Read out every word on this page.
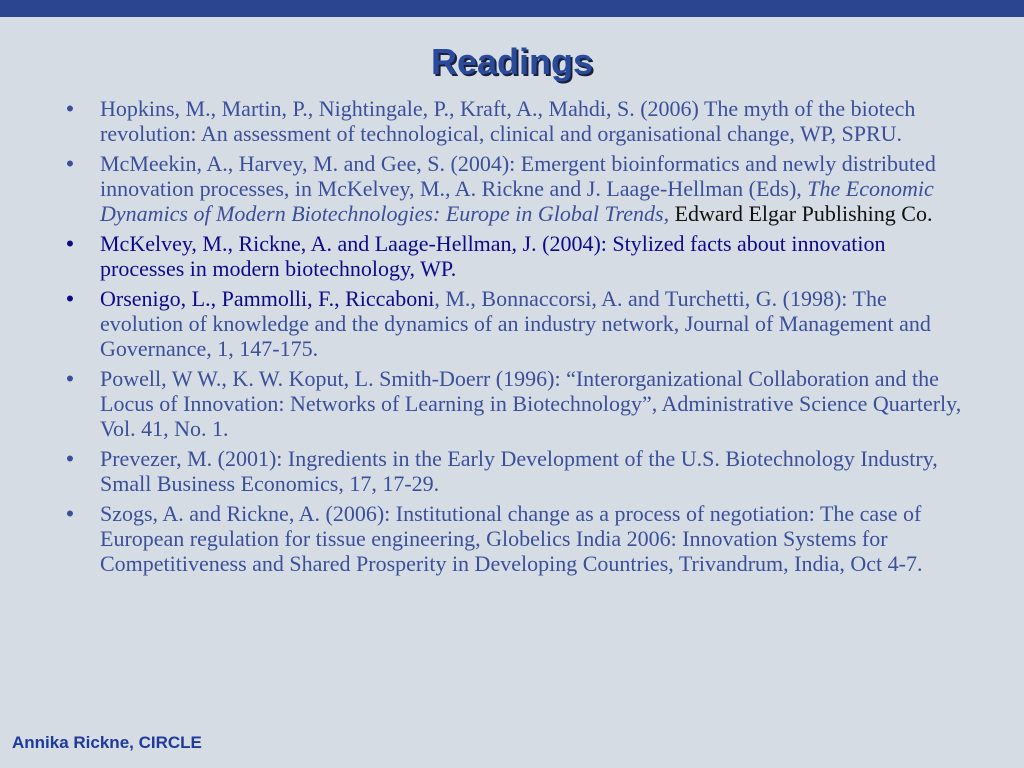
Readings
• Hopkins, M., Martin, P., Nightingale, P., Kraft, A., Mahdi, S. (2006) The myth of the biotech revolution: An assessment of technological, clinical and organisational change, WP, SPRU.
• McMeekin, A., Harvey, M. and Gee, S. (2004): Emergent bioinformatics and newly distributed innovation processes, in McKelvey, M., A. Rickne and J. Laage-Hellman (Eds), The Economic Dynamics of Modern Biotechnologies: Europe in Global Trends, Edward Elgar Publishing Co.
• McKelvey, M., Rickne, A. and Laage-Hellman, J. (2004): Stylized facts about innovation processes in modern biotechnology, WP.
• Orsenigo, L., Pammolli, F., Riccaboni, M., Bonnaccorsi, A. and Turchetti, G. (1998): The evolution of knowledge and the dynamics of an industry network, Journal of Management and Governance, 1, 147-175.
• Powell, W W., K. W. Koput, L. Smith-Doerr (1996): “Interorganizational Collaboration and the Locus of Innovation: Networks of Learning in Biotechnology”, Administrative Science Quarterly, Vol. 41, No. 1.
• Prevezer, M. (2001): Ingredients in the Early Development of the U.S. Biotechnology Industry, Small Business Economics, 17, 17-29.
• Szogs, A. and Rickne, A. (2006): Institutional change as a process of negotiation: The case of European regulation for tissue engineering, Globelics India 2006: Innovation Systems for Competitiveness and Shared Prosperity in Developing Countries, Trivandrum, India, Oct 4-7.
Annika Rickne, CIRCLE
